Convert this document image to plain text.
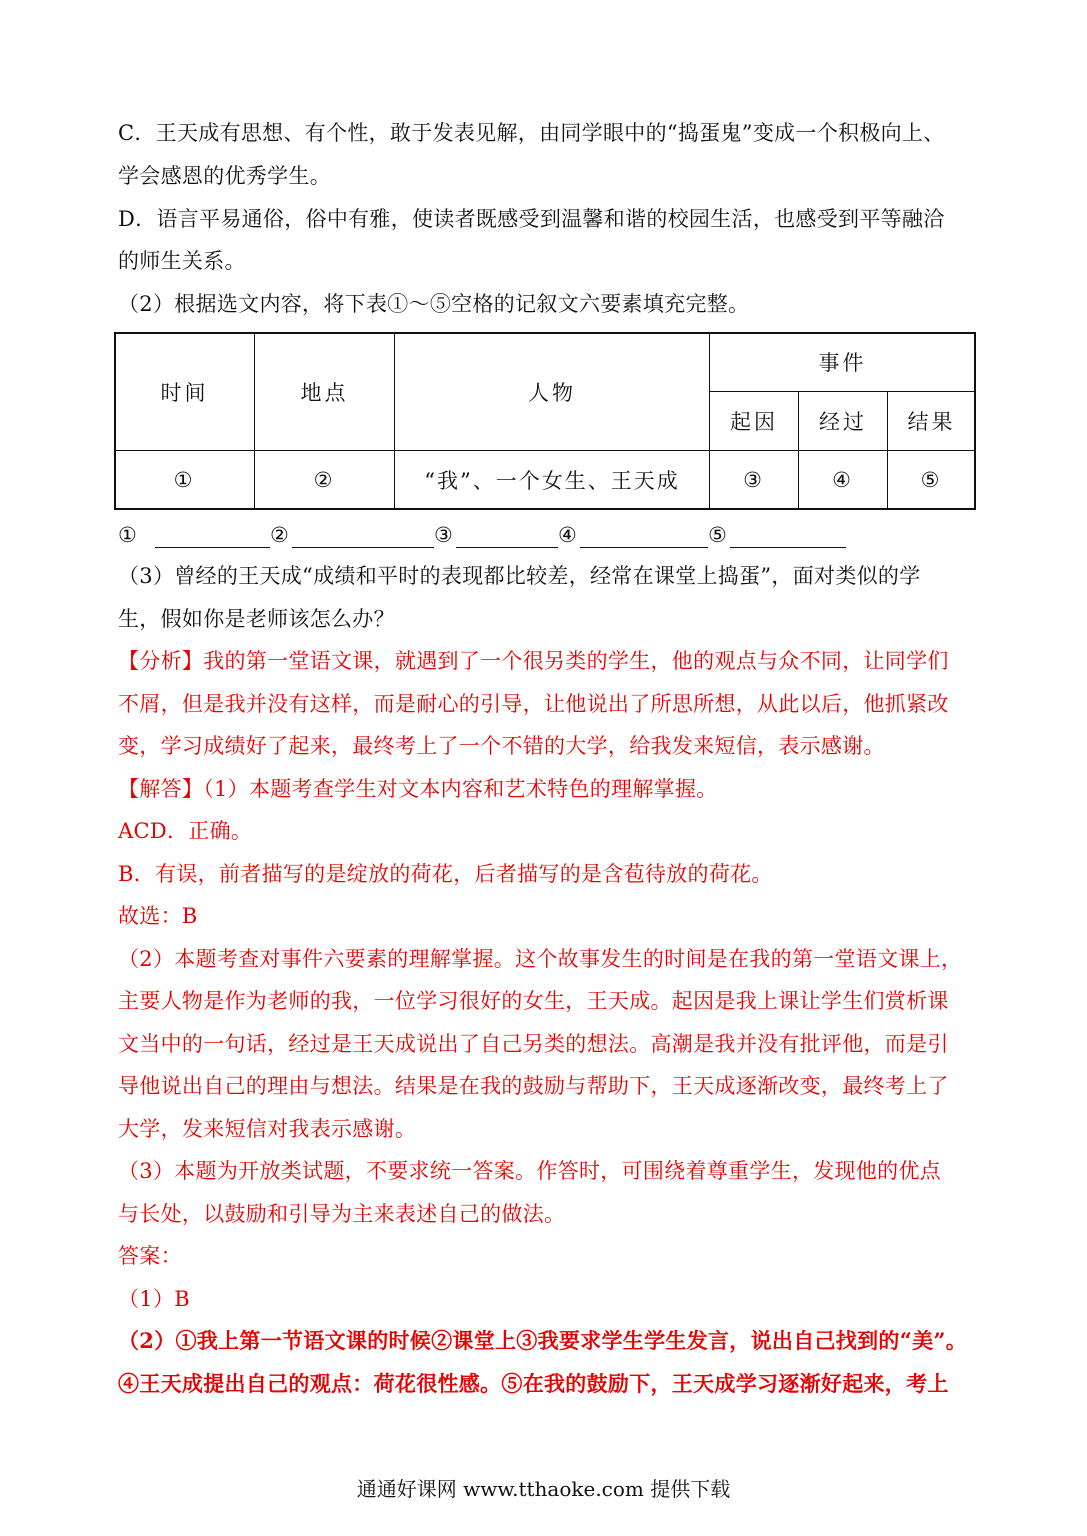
C．王天成有思想、有个性，敢于发表见解，由同学眼中的“捣蛋鬼”变成一个积极向上、
学会感恩的优秀学生。
D．语言平易通俗，俗中有雅，使读者既感受到温馨和谐的校园生活，也感受到平等融洽
的师生关系。
（2）根据选文内容，将下表①～⑤空格的记叙文六要素填充完整。
时间	地点	人物
事件
起因	经过	结果
①	②	“我”、一个女生、王天成	③	④	⑤
①	②	③	④	⑤
（3）曾经的王天成“成绩和平时的表现都比较差，经常在课堂上捣蛋”，面对类似的学
生，假如你是老师该怎么办？
【分析】我的第一堂语文课，就遇到了一个很另类的学生，他的观点与众不同，让同学们
不屑，但是我并没有这样，而是耐心的引导，让他说出了所思所想，从此以后，他抓紧改
变，学习成绩好了起来，最终考上了一个不错的大学，给我发来短信，表示感谢。
【解答】（1）本题考查学生对文本内容和艺术特色的理解掌握。
ACD．正确。
B．有误，前者描写的是绽放的荷花，后者描写的是含苞待放的荷花。
故选：B
（2）本题考查对事件六要素的理解掌握。这个故事发生的时间是在我的第一堂语文课上，
主要人物是作为老师的我，一位学习很好的女生，王天成。起因是我上课让学生们赏析课
文当中的一句话，经过是王天成说出了自己另类的想法。高潮是我并没有批评他，而是引
导他说出自己的理由与想法。结果是在我的鼓励与帮助下，王天成逐渐改变，最终考上了
大学，发来短信对我表示感谢。
（3）本题为开放类试题，不要求统一答案。作答时，可围绕着尊重学生，发现他的优点
与长处，以鼓励和引导为主来表述自己的做法。
答案：
（1）B
（2）①我上第一节语文课的时候②课堂上③我要求学生学生发言，说出自己找到的“美”。
④王天成提出自己的观点：荷花很性感。⑤在我的鼓励下，王天成学习逐渐好起来，考上
通通好课网 www.tthaoke.com 提供下载
